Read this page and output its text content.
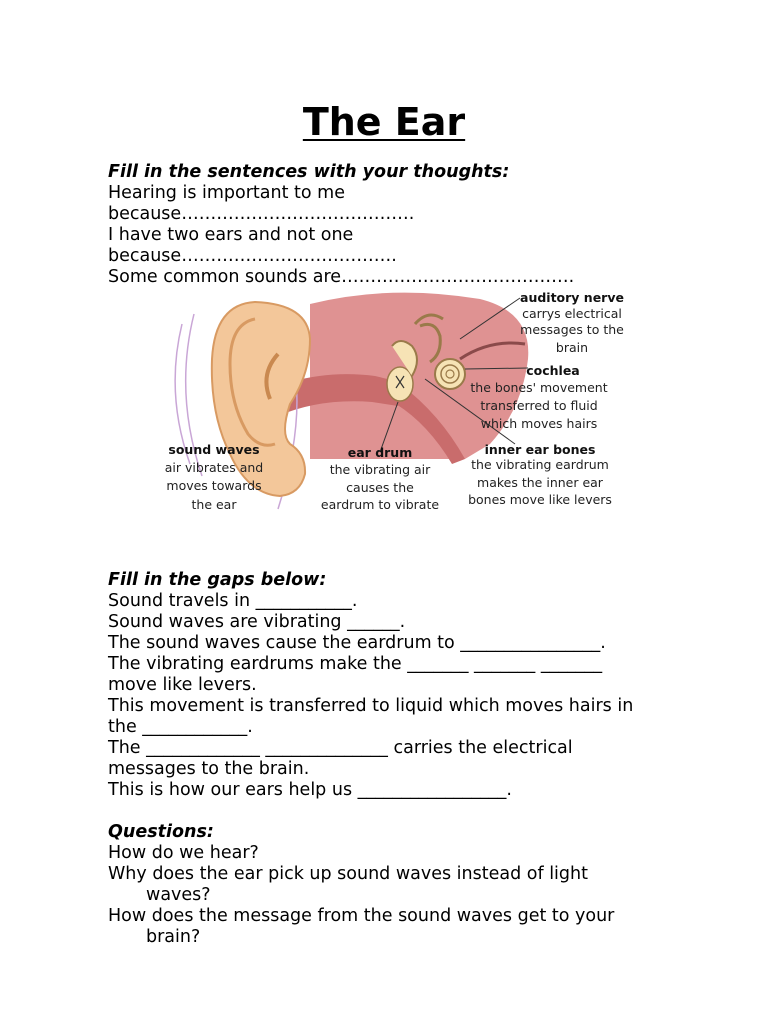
The Ear
Fill in the sentences with your thoughts:
Hearing is important to me
because………………………………….
I have two ears and not one
because……………………………….
Some common sounds are………………………………….
auditory nerve
carrys electrical
messages to the
brain
cochlea
the bones' movement
transferred to fluid
which moves hairs
inner ear bones
the vibrating eardrum
makes the inner ear
bones move like levers
ear drum
the vibrating air
causes the
eardrum to vibrate
sound waves
air vibrates and
moves towards
the ear
Fill in the gaps below:
Sound travels in ___________.
Sound waves are vibrating ______.
The sound waves cause the eardrum to ________________.
The vibrating eardrums make the _______ _______ _______
move like levers.
This movement is transferred to liquid which moves hairs in
the ____________.
The _____________ ______________ carries the electrical
messages to the brain.
This is how our ears help us _________________.
Questions:
How do we hear?
Why does the ear pick up sound waves instead of light
waves?
How does the message from the sound waves get to your
brain?
